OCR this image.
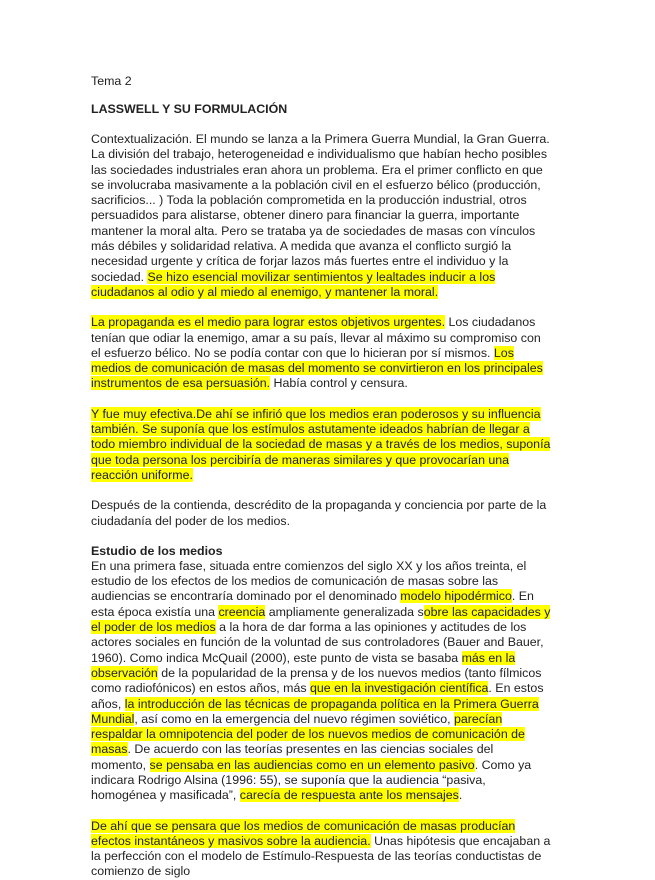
Tema 2

LASSWELL Y SU FORMULACIÓN

Contextualización. El mundo se lanza a la Primera Guerra Mundial, la Gran Guerra. La división del trabajo, heterogeneidad e individualismo que habían hecho posibles las sociedades industriales eran ahora un problema. Era el primer conflicto en que se involucraba masivamente a la población civil en el esfuerzo bélico (producción, sacrificios... ) Toda la población comprometida en la producción industrial, otros persuadidos para alistarse, obtener dinero para financiar la guerra, importante mantener la moral alta. Pero se trataba ya de sociedades de masas con vínculos más débiles y solidaridad relativa. A medida que avanza el conflicto surgió la necesidad urgente y crítica de forjar lazos más fuertes entre el individuo y la sociedad. Se hizo esencial movilizar sentimientos y lealtades inducir a los ciudadanos al odio y al miedo al enemigo, y mantener la moral.

La propaganda es el medio para lograr estos objetivos urgentes. Los ciudadanos tenían que odiar la enemigo, amar a su país, llevar al máximo su compromiso con el esfuerzo bélico. No se podía contar con que lo hicieran por sí mismos. Los medios de comunicación de masas del momento se convirtieron en los principales instrumentos de esa persuasión. Había control y censura.

Y fue muy efectiva.De ahí se infirió que los medios eran poderosos y su influencia también. Se suponía que los estímulos astutamente ideados habrían de llegar a todo miembro individual de la sociedad de masas y a través de los medios, suponía que toda persona los percibiría de maneras similares y que provocarían una reacción uniforme.

Después de la contienda, descrédito de la propaganda y conciencia por parte de la ciudadanía del poder de los medios.

Estudio de los medios

En una primera fase, situada entre comienzos del siglo XX y los años treinta, el estudio de los efectos de los medios de comunicación de masas sobre las audiencias se encontraría dominado por el denominado modelo hipodérmico. En esta época existía una creencia ampliamente generalizada sobre las capacidades y el poder de los medios a la hora de dar forma a las opiniones y actitudes de los actores sociales en función de la voluntad de sus controladores (Bauer and Bauer, 1960). Como indica McQuail (2000), este punto de vista se basaba más en la observación de la popularidad de la prensa y de los nuevos medios (tanto fílmicos como radiofónicos) en estos años, más que en la investigación científica. En estos años, la introducción de las técnicas de propaganda política en la Primera Guerra Mundial, así como en la emergencia del nuevo régimen soviético, parecían respaldar la omnipotencia del poder de los nuevos medios de comunicación de masas. De acuerdo con las teorías presentes en las ciencias sociales del momento, se pensaba en las audiencias como en un elemento pasivo. Como ya indicara Rodrigo Alsina (1996: 55), se suponía que la audiencia “pasiva, homogénea y masificada”, carecía de respuesta ante los mensajes.

De ahí que se pensara que los medios de comunicación de masas producían efectos instantáneos y masivos sobre la audiencia. Unas hipótesis que encajaban a la perfección con el modelo de Estímulo-Respuesta de las teorías conductistas de comienzo de siglo
